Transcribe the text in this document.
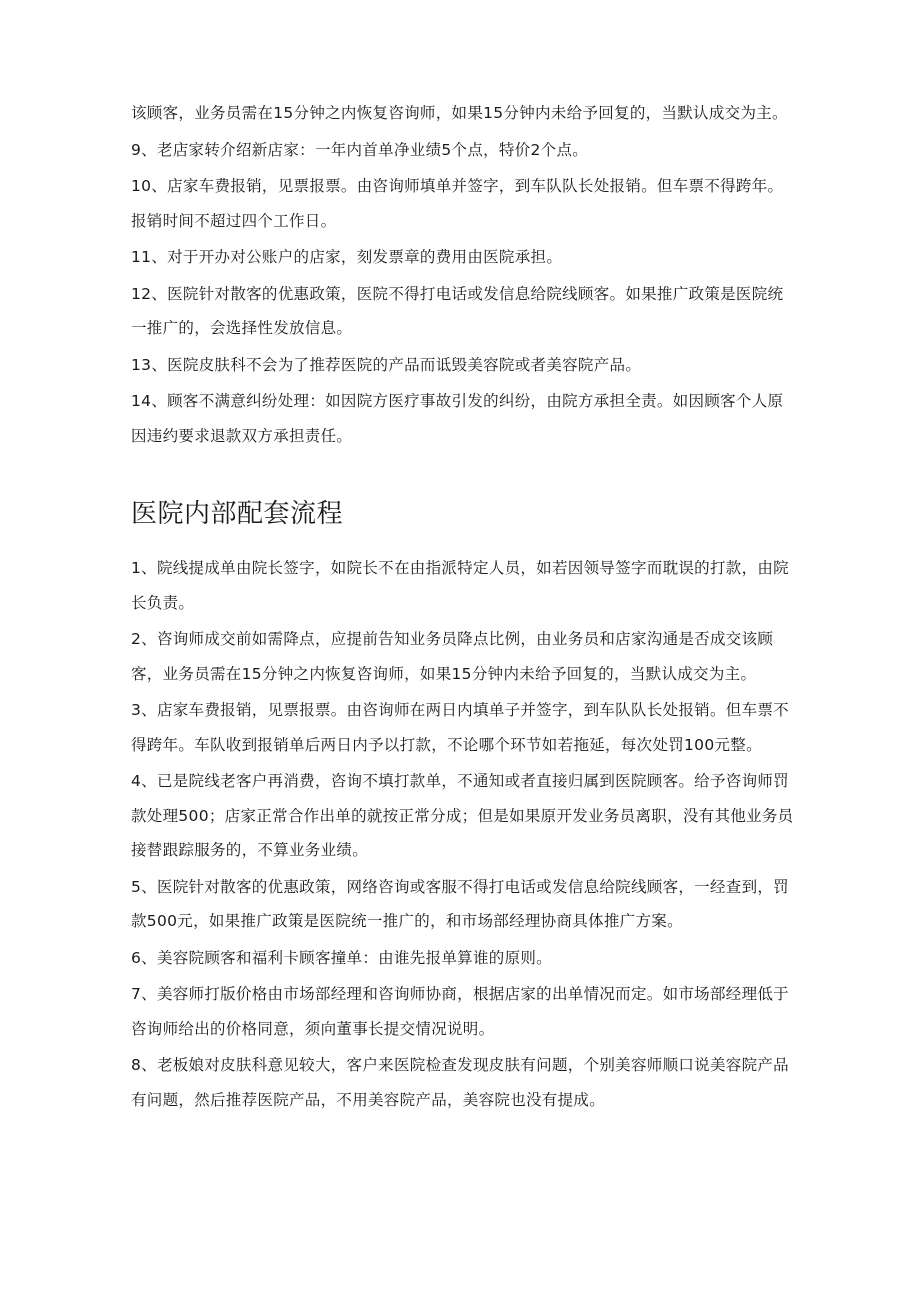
该顾客，业务员需在15分钟之内恢复咨询师，如果15分钟内未给予回复的，当默认成交为主。

9、老店家转介绍新店家：一年内首单净业绩5个点，特价2个点。

10、店家车费报销，见票报票。由咨询师填单并签字，到车队队长处报销。但车票不得跨年。报销时间不超过四个工作日。

11、对于开办对公账户的店家，刻发票章的费用由医院承担。

12、医院针对散客的优惠政策，医院不得打电话或发信息给院线顾客。如果推广政策是医院统一推广的，会选择性发放信息。

13、医院皮肤科不会为了推荐医院的产品而诋毁美容院或者美容院产品。

14、顾客不满意纠纷处理：如因院方医疗事故引发的纠纷，由院方承担全责。如因顾客个人原因违约要求退款双方承担责任。

医院内部配套流程

1、院线提成单由院长签字，如院长不在由指派特定人员，如若因领导签字而耽误的打款，由院长负责。

2、咨询师成交前如需降点，应提前告知业务员降点比例，由业务员和店家沟通是否成交该顾客，业务员需在15分钟之内恢复咨询师，如果15分钟内未给予回复的，当默认成交为主。

3、店家车费报销，见票报票。由咨询师在两日内填单子并签字，到车队队长处报销。但车票不得跨年。车队收到报销单后两日内予以打款，不论哪个环节如若拖延，每次处罚100元整。

4、已是院线老客户再消费，咨询不填打款单，不通知或者直接归属到医院顾客。给予咨询师罚款处理500；店家正常合作出单的就按正常分成；但是如果原开发业务员离职，没有其他业务员接替跟踪服务的，不算业务业绩。

5、医院针对散客的优惠政策，网络咨询或客服不得打电话或发信息给院线顾客，一经查到，罚款500元，如果推广政策是医院统一推广的，和市场部经理协商具体推广方案。

6、美容院顾客和福利卡顾客撞单：由谁先报单算谁的原则。

7、美容师打版价格由市场部经理和咨询师协商，根据店家的出单情况而定。如市场部经理低于咨询师给出的价格同意，须向董事长提交情况说明。

8、老板娘对皮肤科意见较大，客户来医院检查发现皮肤有问题，个别美容师顺口说美容院产品有问题，然后推荐医院产品，不用美容院产品，美容院也没有提成。
